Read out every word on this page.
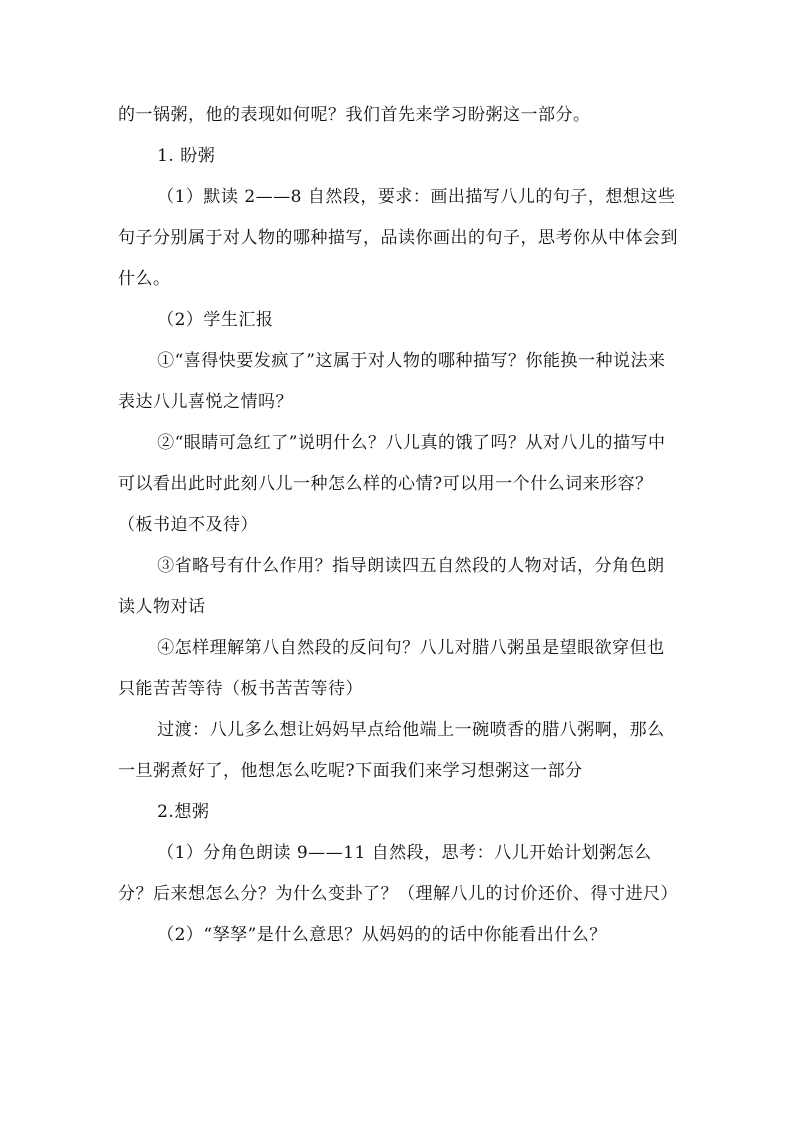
的一锅粥，他的表现如何呢？我们首先来学习盼粥这一部分。

1. 盼粥

（1）默读 2——8 自然段，要求：画出描写八儿的句子，想想这些句子分别属于对人物的哪种描写，品读你画出的句子，思考你从中体会到什么。

（2）学生汇报

①“喜得快要发疯了”这属于对人物的哪种描写？你能换一种说法来表达八儿喜悦之情吗？

②“眼睛可急红了”说明什么？八儿真的饿了吗？从对八儿的描写中可以看出此时此刻八儿一种怎么样的心情?可以用一个什么词来形容？（板书迫不及待）

③省略号有什么作用？指导朗读四五自然段的人物对话，分角色朗读人物对话

④怎样理解第八自然段的反问句？八儿对腊八粥虽是望眼欲穿但也只能苦苦等待（板书苦苦等待）

过渡：八儿多么想让妈妈早点给他端上一碗喷香的腊八粥啊，那么一旦粥煮好了，他想怎么吃呢?下面我们来学习想粥这一部分

2.想粥

（1）分角色朗读 9——11 自然段，思考：八儿开始计划粥怎么分？后来想怎么分？为什么变卦了？（理解八儿的讨价还价、得寸进尺）

（2）“孥孥”是什么意思？从妈妈的的话中你能看出什么？
